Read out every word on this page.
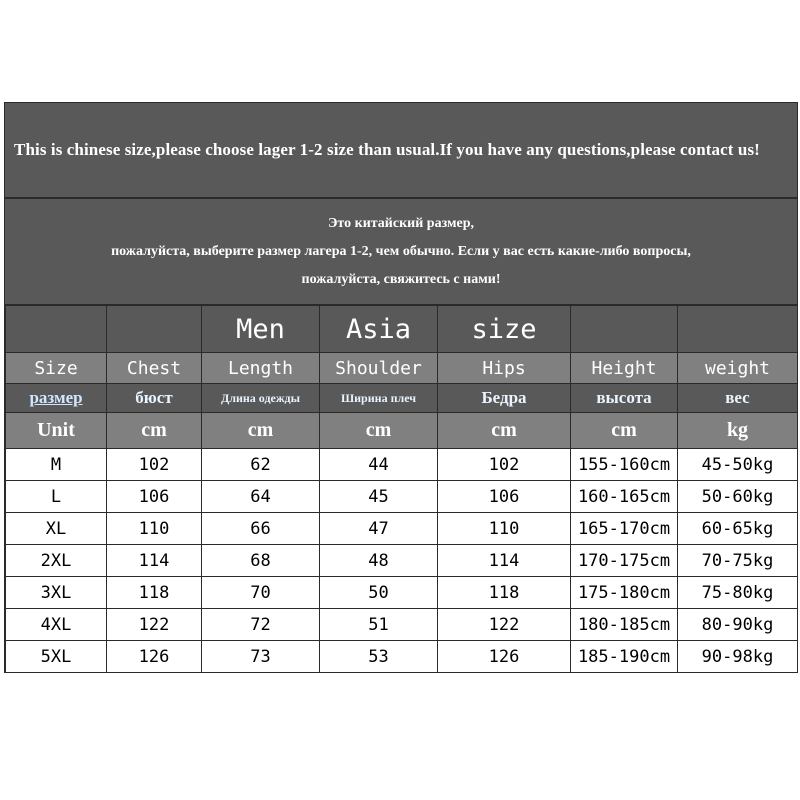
This is chinese size,please choose lager 1-2 size than usual.If you have any questions,please contact us!
Это китайский размер,
пожалуйста, выберите размер лагера 1-2, чем обычно. Если у вас есть какие-либо вопросы,
пожалуйста, свяжитесь с нами!
		Men	Asia	size		
Size	Chest	Length	Shoulder	Hips	Height	weight
размер	бюст	Длина одежды	Ширина плеч	Бедра	высота	вес
Unit	cm	cm	cm	cm	cm	kg
M	102	62	44	102	155-160cm	45-50kg
L	106	64	45	106	160-165cm	50-60kg
XL	110	66	47	110	165-170cm	60-65kg
2XL	114	68	48	114	170-175cm	70-75kg
3XL	118	70	50	118	175-180cm	75-80kg
4XL	122	72	51	122	180-185cm	80-90kg
5XL	126	73	53	126	185-190cm	90-98kg
